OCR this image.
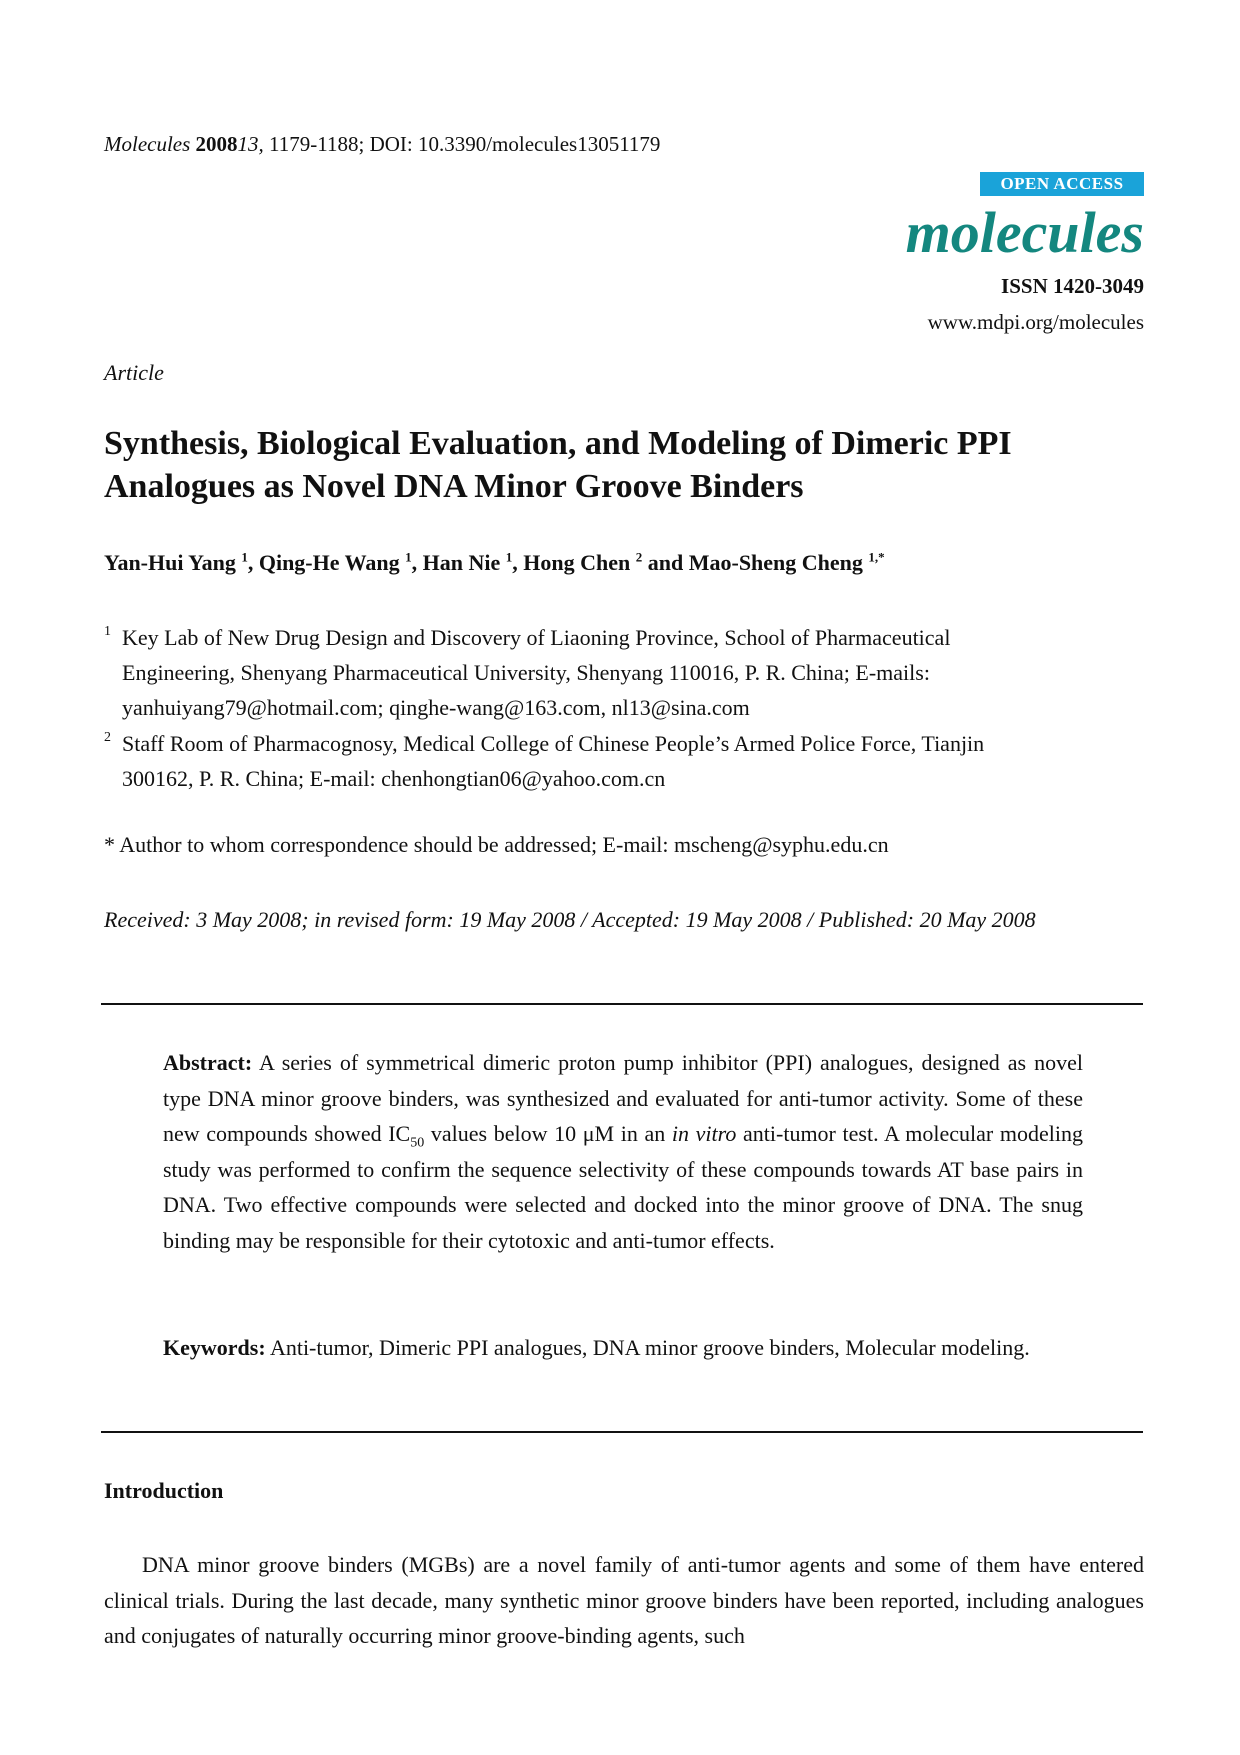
Molecules 200813, 1179-1188; DOI: 10.3390/molecules13051179
OPEN ACCESS
molecules
ISSN 1420-3049
www.mdpi.org/molecules
Article
Synthesis, Biological Evaluation, and Modeling of Dimeric PPI Analogues as Novel DNA Minor Groove Binders
Yan-Hui Yang $^1$, Qing-He Wang $^1$, Han Nie $^1$, Hong Chen $^2$ and Mao-Sheng Cheng $^{1,*}$
1 Key Lab of New Drug Design and Discovery of Liaoning Province, School of Pharmaceutical
Engineering, Shenyang Pharmaceutical University, Shenyang 110016, P. R. China; E-mails:
yanhuiyang79@hotmail.com; qinghe-wang@163.com, nl13@sina.com
2 Staff Room of Pharmacognosy, Medical College of Chinese People’s Armed Police Force, Tianjin
300162, P. R. China; E-mail: chenhongtian06@yahoo.com.cn
* Author to whom correspondence should be addressed; E-mail: mscheng@syphu.edu.cn
Received: 3 May 2008; in revised form: 19 May 2008 / Accepted: 19 May 2008 / Published: 20 May 2008
Abstract: A series of symmetrical dimeric proton pump inhibitor (PPI) analogues, designed as novel type DNA minor groove binders, was synthesized and evaluated for anti-tumor activity. Some of these new compounds showed $IC_{50}$ values below 10 μM in an in vitro anti-tumor test. A molecular modeling study was performed to confirm the sequence selectivity of these compounds towards AT base pairs in DNA. Two effective compounds were selected and docked into the minor groove of DNA. The snug binding may be responsible for their cytotoxic and anti-tumor effects.
Keywords: Anti-tumor, Dimeric PPI analogues, DNA minor groove binders, Molecular modeling.
Introduction
DNA minor groove binders (MGBs) are a novel family of anti-tumor agents and some of them have entered clinical trials. During the last decade, many synthetic minor groove binders have been reported, including analogues and conjugates of naturally occurring minor groove-binding agents, such
